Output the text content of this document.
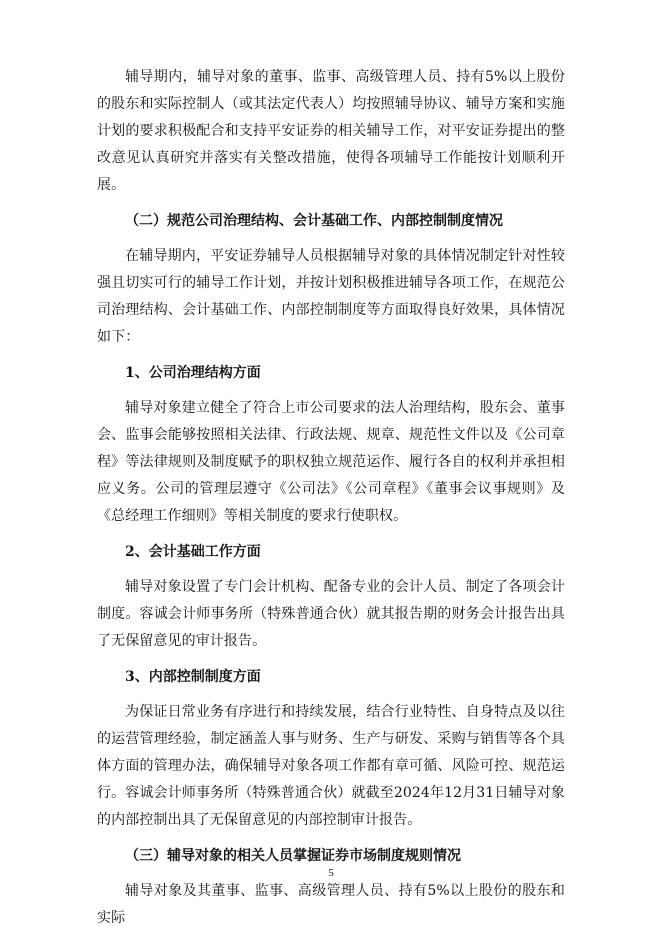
辅导期内，辅导对象的董事、监事、高级管理人员、持有5%以上股份的股东和实际控制人（或其法定代表人）均按照辅导协议、辅导方案和实施计划的要求积极配合和支持平安证券的相关辅导工作，对平安证券提出的整改意见认真研究并落实有关整改措施，使得各项辅导工作能按计划顺利开展。

（二）规范公司治理结构、会计基础工作、内部控制制度情况

在辅导期内，平安证券辅导人员根据辅导对象的具体情况制定针对性较强且切实可行的辅导工作计划，并按计划积极推进辅导各项工作，在规范公司治理结构、会计基础工作、内部控制制度等方面取得良好效果，具体情况如下：

1、公司治理结构方面

辅导对象建立健全了符合上市公司要求的法人治理结构，股东会、董事会、监事会能够按照相关法律、行政法规、规章、规范性文件以及《公司章程》等法律规则及制度赋予的职权独立规范运作、履行各自的权利并承担相应义务。公司的管理层遵守《公司法》《公司章程》《董事会议事规则》及《总经理工作细则》等相关制度的要求行使职权。

2、会计基础工作方面

辅导对象设置了专门会计机构、配备专业的会计人员、制定了各项会计制度。容诚会计师事务所（特殊普通合伙）就其报告期的财务会计报告出具了无保留意见的审计报告。

3、内部控制制度方面

为保证日常业务有序进行和持续发展，结合行业特性、自身特点及以往的运营管理经验，制定涵盖人事与财务、生产与研发、采购与销售等各个具体方面的管理办法，确保辅导对象各项工作都有章可循、风险可控、规范运行。容诚会计师事务所（特殊普通合伙）就截至2024年12月31日辅导对象的内部控制出具了无保留意见的内部控制审计报告。

（三）辅导对象的相关人员掌握证券市场制度规则情况

辅导对象及其董事、监事、高级管理人员、持有5%以上股份的股东和实际

5
